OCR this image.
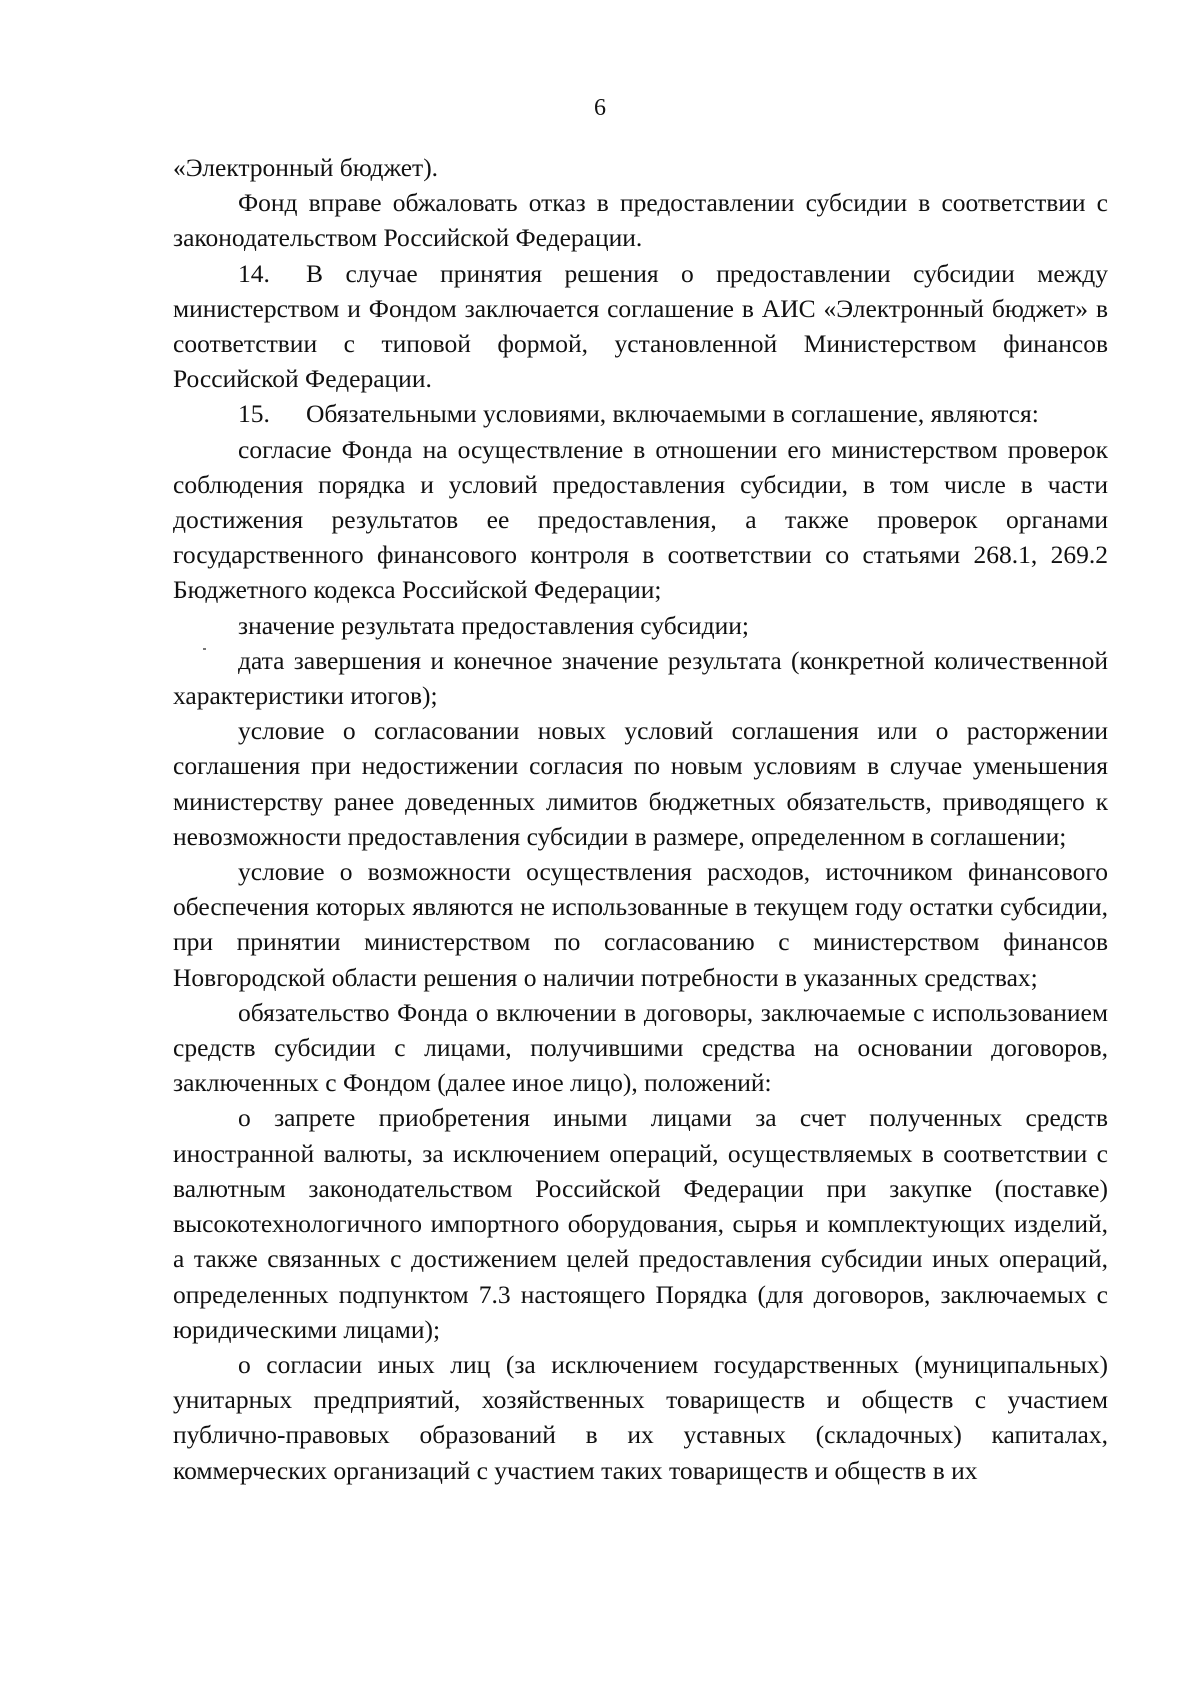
6

«Электронный бюджет).

Фонд вправе обжаловать отказ в предоставлении субсидии в соответствии с законодательством Российской Федерации.

14. В случае принятия решения о предоставлении субсидии между министерством и Фондом заключается соглашение в АИС «Электронный бюджет» в соответствии с типовой формой, установленной Министерством финансов Российской Федерации.

15. Обязательными условиями, включаемыми в соглашение, являются:

согласие Фонда на осуществление в отношении его министерством проверок соблюдения порядка и условий предоставления субсидии, в том числе в части достижения результатов ее предоставления, а также проверок органами государственного финансового контроля в соответствии со статьями 268.1, 269.2 Бюджетного кодекса Российской Федерации;

значение результата предоставления субсидии;

дата завершения и конечное значение результата (конкретной количественной характеристики итогов);

условие о согласовании новых условий соглашения или о расторжении соглашения при недостижении согласия по новым условиям в случае уменьшения министерству ранее доведенных лимитов бюджетных обязательств, приводящего к невозможности предоставления субсидии в размере, определенном в соглашении;

условие о возможности осуществления расходов, источником финансового обеспечения которых являются не использованные в текущем году остатки субсидии, при принятии министерством по согласованию с министерством финансов Новгородской области решения о наличии потребности в указанных средствах;

обязательство Фонда о включении в договоры, заключаемые с использованием средств субсидии с лицами, получившими средства на основании договоров, заключенных с Фондом (далее иное лицо), положений:

о запрете приобретения иными лицами за счет полученных средств иностранной валюты, за исключением операций, осуществляемых в соответствии с валютным законодательством Российской Федерации при закупке (поставке) высокотехнологичного импортного оборудования, сырья и комплектующих изделий, а также связанных с достижением целей предоставления субсидии иных операций, определенных подпунктом 7.3 настоящего Порядка (для договоров, заключаемых с юридическими лицами);

о согласии иных лиц (за исключением государственных (муниципальных) унитарных предприятий, хозяйственных товариществ и обществ с участием публично-правовых образований в их уставных (складочных) капиталах, коммерческих организаций с участием таких товариществ и обществ в их
